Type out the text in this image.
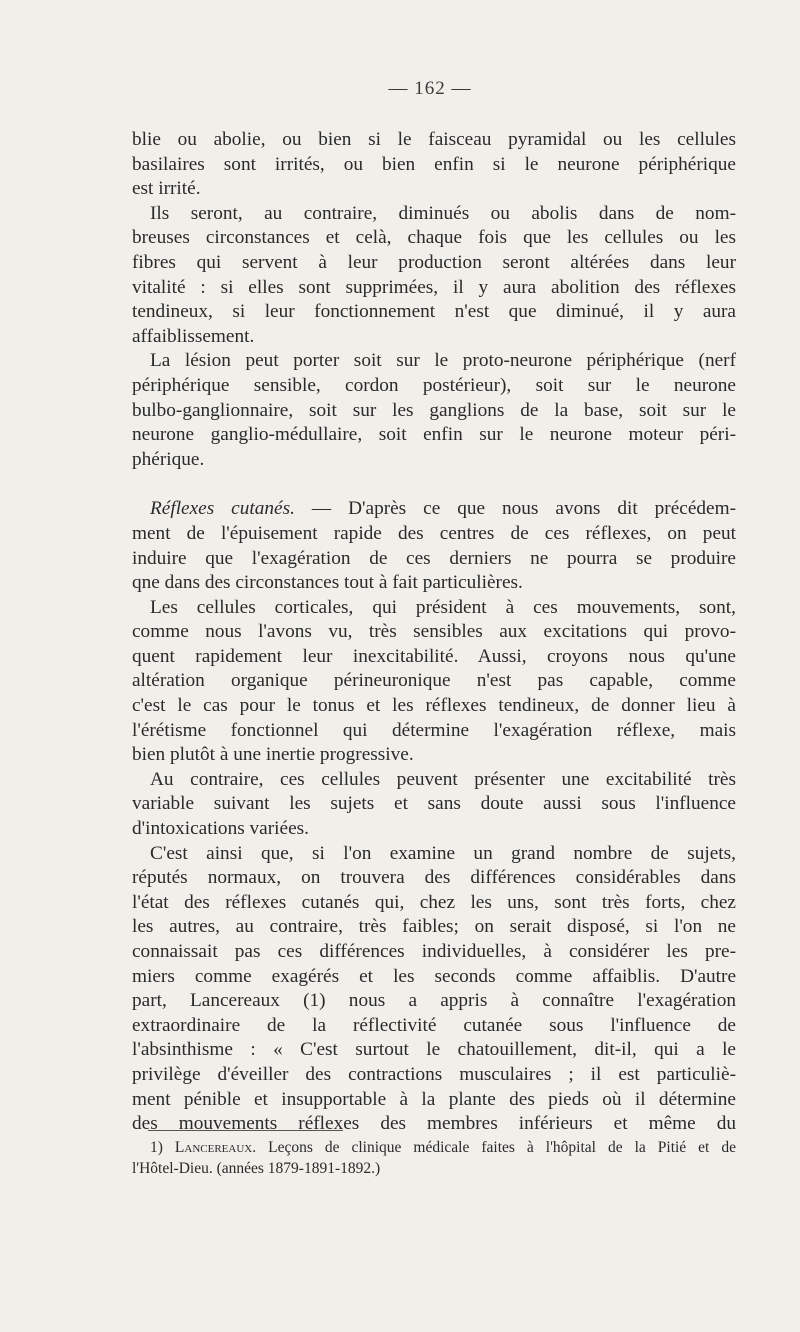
— 162 —
blie ou abolie, ou bien si le faisceau pyramidal ou les cellules
basilaires sont irrités, ou bien enfin si le neurone périphérique
est irrité.
Ils seront, au contraire, diminués ou abolis dans de nom-
breuses circonstances et celà, chaque fois que les cellules ou les
fibres qui servent à leur production seront altérées dans leur
vitalité : si elles sont supprimées, il y aura abolition des réflexes
tendineux, si leur fonctionnement n'est que diminué, il y aura
affaiblissement.
La lésion peut porter soit sur le proto-neurone périphérique (nerf
périphérique sensible, cordon postérieur), soit sur le neurone
bulbo-ganglionnaire, soit sur les ganglions de la base, soit sur le
neurone ganglio-médullaire, soit enfin sur le neurone moteur péri-
phérique.
Réflexes cutanés. — D'après ce que nous avons dit précédem-
ment de l'épuisement rapide des centres de ces réflexes, on peut
induire que l'exagération de ces derniers ne pourra se produire
qne dans des circonstances tout à fait particulières.
Les cellules corticales, qui président à ces mouvements, sont,
comme nous l'avons vu, très sensibles aux excitations qui provo-
quent rapidement leur inexcitabilité. Aussi, croyons nous qu'une
altération organique périneuronique n'est pas capable, comme
c'est le cas pour le tonus et les réflexes tendineux, de donner lieu à
l'érétisme fonctionnel qui détermine l'exagération réflexe, mais
bien plutôt à une inertie progressive.
Au contraire, ces cellules peuvent présenter une excitabilité très
variable suivant les sujets et sans doute aussi sous l'influence
d'intoxications variées.
C'est ainsi que, si l'on examine un grand nombre de sujets,
réputés normaux, on trouvera des différences considérables dans
l'état des réflexes cutanés qui, chez les uns, sont très forts, chez
les autres, au contraire, très faibles; on serait disposé, si l'on ne
connaissait pas ces différences individuelles, à considérer les pre-
miers comme exagérés et les seconds comme affaiblis. D'autre
part, Lancereaux (1) nous a appris à connaître l'exagération
extraordinaire de la réflectivité cutanée sous l'influence de
l'absinthisme : « C'est surtout le chatouillement, dit-il, qui a le
privilège d'éveiller des contractions musculaires ; il est particuliè-
ment pénible et insupportable à la plante des pieds où il détermine
des mouvements réflexes des membres inférieurs et même du
1) Lancereaux. Leçons de clinique médicale faites à l'hôpital de la Pitié et de
l'Hôtel-Dieu. (années 1879-1891-1892.)
